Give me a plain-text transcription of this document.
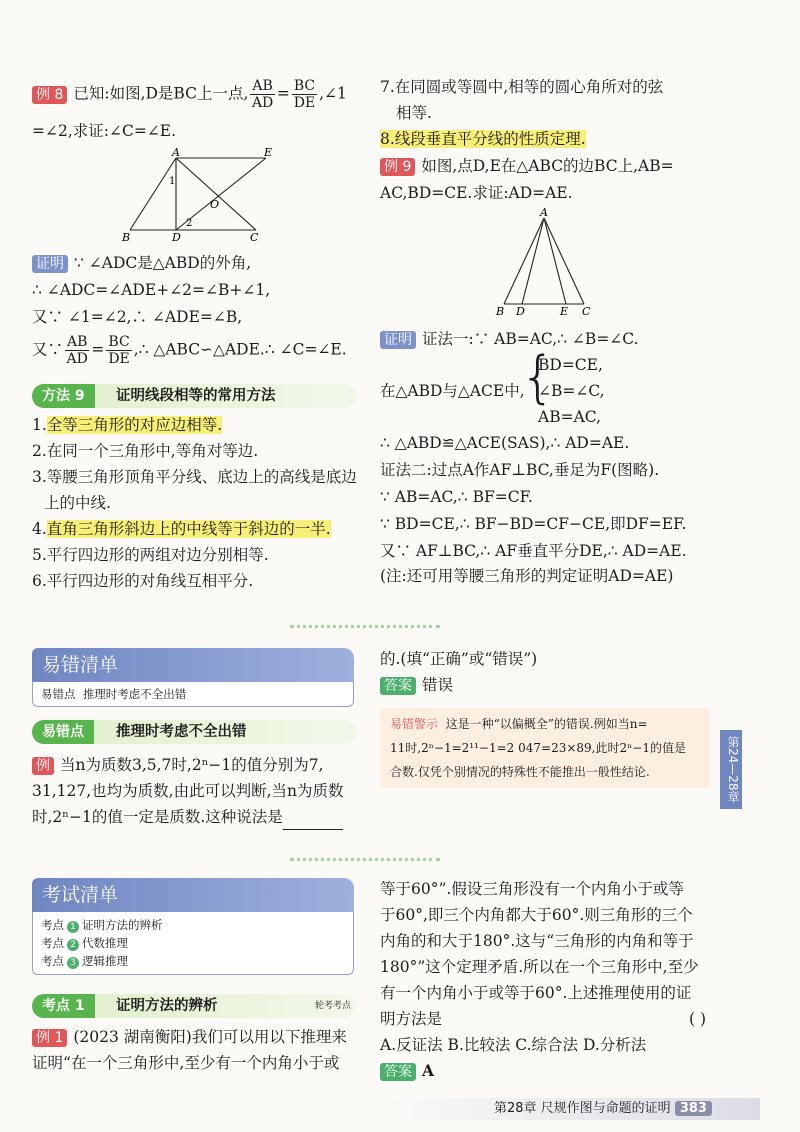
例 8 已知:如图,D是BC上一点, $\frac{AB}{AD} = \frac{BC}{DE}$ ,∠1
=∠2,求证:∠C=∠E.
A	E
B	D	C
O
1
2
证明 ∵ ∠ADC是△ABD的外角,
∴ ∠ADC=∠ADE+∠2=∠B+∠1,
又∵ ∠1=∠2,∴ ∠ADE=∠B,
又∵ $\frac{AB}{AD} = \frac{BC}{DE}$ ,∴ △ABC∽△ADE.∴ ∠C=∠E.
方法 9	证明线段相等的常用方法
1.全等三角形的对应边相等.
2.在同一个三角形中,等角对等边.
3.等腰三角形顶角平分线、底边上的高线是底边
上的中线.
4.直角三角形斜边上的中线等于斜边的一半.
5.平行四边形的两组对边分别相等.
6.平行四边形的对角线互相平分.
7.在同圆或等圆中,相等的圆心角所对的弦
相等.
8.线段垂直平分线的性质定理.
例 9 如图,点D,E在△ABC的边BC上,AB=
AC,BD=CE.求证:AD=AE.
A
B D	E C
证明 证法一:∵ AB=AC,∴ ∠B=∠C.
在△ABD与△ACE中,
{
BD=CE,
∠B=∠C,
AB=AC,
∴ △ABD≌△ACE(SAS),∴ AD=AE.
证法二:过点A作AF⊥BC,垂足为F(图略).
∵ AB=AC,∴ BF=CF.
∵ BD=CE,∴ BF−BD=CF−CE,即DF=EF.
又∵ AF⊥BC,∴ AF垂直平分DE,∴ AD=AE.
(注:还可用等腰三角形的判定证明AD=AE)
易错清单
易错点 推理时考虑不全出错
易错点	推理时考虑不全出错
例 当n为质数3,5,7时,2ⁿ−1的值分别为7,
31,127,也均为质数,由此可以判断,当n为质数
时,2ⁿ−1的值一定是质数.这种说法是
的.(填“正确”或“错误”)
答案 错误
易错警示 这是一种“以偏概全”的错误.例如当n=
11时,2ⁿ−1=2¹¹−1=2 047=23×89,此时2ⁿ−1的值是
合数.仅凭个别情况的特殊性不能推出一般性结论.	第24—28章
考试清单
考点 1 证明方法的辨析
考点 2 代数推理
考点 3 逻辑推理
考点 1	证明方法的辨析	轮考考点
例 1 (2023 湖南衡阳)我们可以用以下推理来
证明“在一个三角形中,至少有一个内角小于或
等于60°”.假设三角形没有一个内角小于或等
于60°,即三个内角都大于60°.则三角形的三个
内角的和大于180°.这与“三角形的内角和等于
180°”这个定理矛盾.所以在一个三角形中,至少
有一个内角小于或等于60°.上述推理使用的证
明方法是	( )
A.反证法 B.比较法 C.综合法 D.分析法
答案 A
第28章 尺规作图与命题的证明 383
